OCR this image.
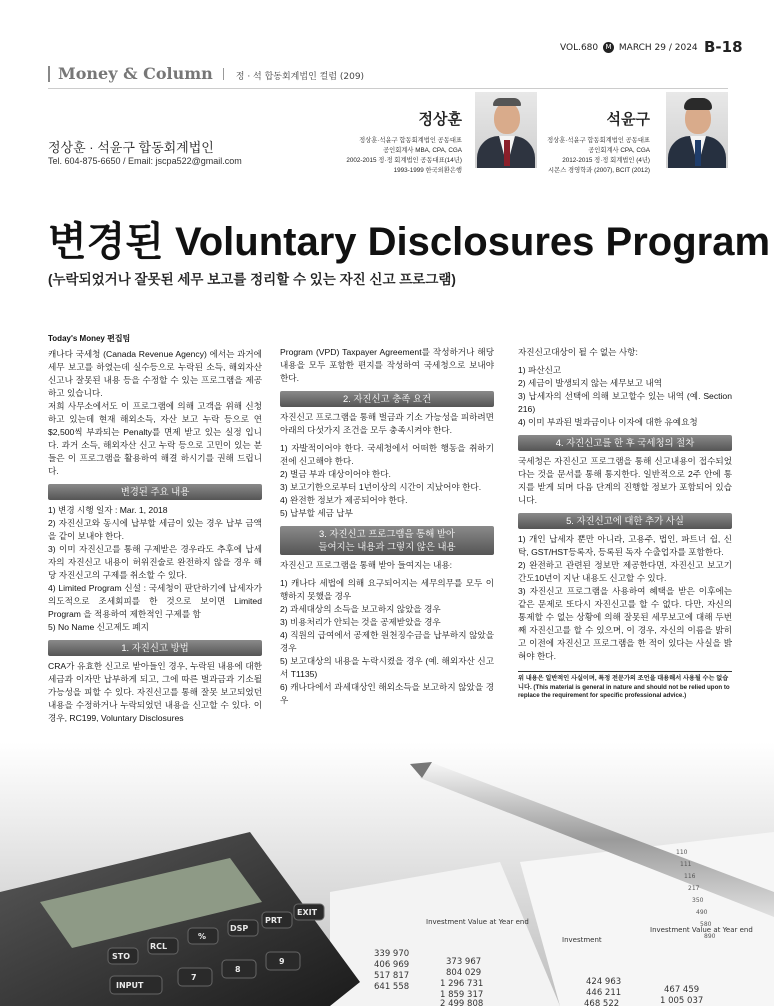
VOL.680 M MARCH 29 / 2024 B-18
Money & Column	정 · 석 합동회계법인 컬럼 (209)
정상훈 · 석윤구 합동회계법인
Tel. 604-875-6650 / Email: jscpa522@gmail.com
정상훈
정상훈·석윤구 합동회계법인 공동대표
공인회계사 MBA, CPA, CGA
2002-2015 정·정 회계법인 공동대표(14년)
1993-1999 한국외환은행
석윤구
정상훈·석윤구 합동회계법인 공동대표
공인회계사 CPA, CGA
2012-2015 정·정 회계법인 (4년)
시몬스 경영학과 (2007), BCIT (2012)
변경된 Voluntary Disclosures Program
(누락되었거나 잘못된 세무 보고를 정리할 수 있는 자진 신고 프로그램)
Today's Money 편집팀

캐나다 국세청 (Canada Revenue Agency) 에서는 과거에 세무 보고를 하였는데 실수등으로 누락된 소득, 해외자산 신고나 잘못된 내용 등을 수정할 수 있는 프로그램을 제공하고 있습니다.

저희 사무소에서도 이 프로그램에 의해 고객을 위해 신청하고 있는데 현재 해외소득, 자산 보고 누락 등으로 연 $2,500씩 부과되는 Penalty를 면제 받고 있는 실정 입니다. 과거 소득, 해외자산 신고 누락 등으로 고민이 있는 분들은 이 프로그램을 활용하여 해결 하시기를 권해 드립니다.

변경된 주요 내용

1) 변경 시행 일자 : Mar. 1, 2018

2) 자진신고와 동시에 납부할 세금이 있는 경우 납부 금액을 같이 보내야 한다.

3) 이미 자진신고를 통해 구제받은 경우라도 추후에 납세자의 자진신고 내용이 허위진술로 완전하지 않을 경우 해당 자진신고의 구제를 취소할 수 있다.

4) Limited Program 신설 : 국세청이 판단하기에 납세자가 의도적으로 조세회피를 한 것으로 보이면 Limited Program 을 적용하여 제한적인 구제를 함

5) No Name 신고제도 폐지

1. 자진신고 방법

CRA가 유효한 신고로 받아들인 경우, 누락된 내용에 대한 세금과 이자만 납부하게 되고, 그에 따른 벌과금과 기소될 가능성을 피할 수 있다. 자진신고를 통해 잘못 보고되었던 내용을 수정하거나 누락되었던 내용을 신고할 수 있다. 이 경우, RC199, Voluntary Disclosures

Program (VPD) Taxpayer Agreement를 작성하거나 해당 내용을 모두 포함한 편지를 작성하여 국세청으로 보내야 한다.

2. 자진신고 충족 요건

자진신고 프로그램을 통해 벌금과 기소 가능성을 피하려면 아래의 다섯가지 조건을 모두 충족시켜야 한다.

1) 자발적이어야 한다. 국세청에서 어떠한 행동을 취하기 전에 신고해야 한다.

2) 벌금 부과 대상이어야 한다.

3) 보고기한으로부터 1년이상의 시간이 지났어야 한다.

4) 완전한 정보가 제공되어야 한다.

5) 납부할 세금 납부

3. 자진신고 프로그램을 통해 받아
들여지는 내용과 그렇지 않은 내용

자진신고 프로그램을 통해 받아 들여지는 내용:

1) 캐나다 세법에 의해 요구되어지는 세무의무를 모두 이행하지 못했을 경우

2) 과세대상의 소득을 보고하지 않았을 경우

3) 비용처리가 안되는 것을 공제받았을 경우

4) 직원의 급여에서 공제한 원천징수금을 납부하지 않았을 경우

5) 보고대상의 내용을 누락시켰을 경우 (예. 해외자산 신고서 T1135)

6) 캐나다에서 과세대상인 해외소득을 보고하지 않았을 경우

자진신고대상이 될 수 없는 사항:

1) 파산신고

2) 세금이 발생되지 않는 세무보고 내역

3) 납세자의 선택에 의해 보고할수 있는 내역 (예. Section 216)

4) 이미 부과된 벌과금이나 이자에 대한 유예요청

4. 자진신고를 한 후 국세청의 절차

국세청은 자진신고 프로그램을 통해 신고내용이 접수되었다는 것을 문서를 통해 통지한다. 일반적으로 2주 안에 통지를 받게 되며 다음 단계의 진행할 정보가 포함되어 있습니다.

5. 자진신고에 대한 추가 사실

1) 개인 납세자 뿐만 아니라, 고용주, 법인, 파트너 쉽, 신탁, GST/HST등록자, 등록된 독자 수출업자를 포함한다.

2) 완전하고 관련된 정보만 제공한다면, 자진신고 보고기간도10년이 지난 내용도 신고할 수 있다.

3) 자진신고 프로그램을 사용하여 혜택을 받은 이후에는 같은 문제로 또다시 자진신고를 할 수 없다. 다만, 자신의 통제할 수 없는 상황에 의해 잘못된 세무보고에 대해 두번째 자진신고를 할 수 있으며, 이 경우, 자신의 이름을 밝히고 이전에 자진신고 프로그램을 한 적이 있다는 사실을 밝혀야 한다.

위 내용은 일반적인 사실이며, 특정 전문가의 조언을 대용해서 사용될 수는 없습니다. (This material is general in nature and should not be relied upon to replace the requirement for specific professional advice.)
STO
RCL
%
DSP
PRT
EXIT
INPUT
7
8
9
Investment Value at Year end
339 970
406 969
517 817
641 558
373 967
804 029
1 296 731
1 859 317
2 499 808
Investment
Investment Value at Year end
424 963
446 211
468 522
467 459
1 005 037
110
111
116
217
350
490
580
890
